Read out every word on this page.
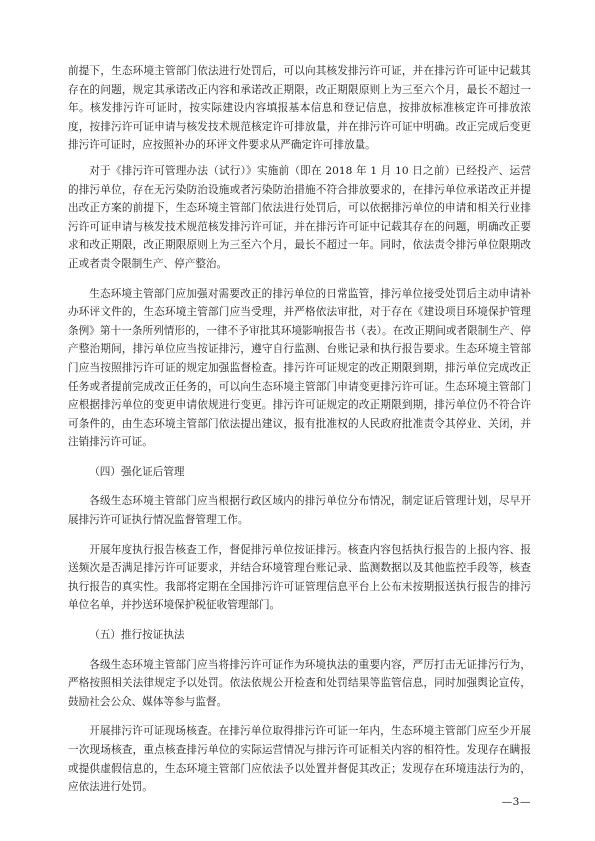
前提下，生态环境主管部门依法进行处罚后，可以向其核发排污许可证，并在排污许可证中记载其存在的问题，规定其承诺改正内容和承诺改正期限，改正期限原则上为三至六个月，最长不超过一年。核发排污许可证时，按实际建设内容填报基本信息和登记信息，按排放标准核定许可排放浓度，按排污许可证申请与核发技术规范核定许可排放量，并在排污许可证中明确。改正完成后变更排污许可证时，应按照补办的环评文件要求从严确定许可排放量。

对于《排污许可管理办法（试行）》实施前（即在 2018 年 1 月 10 日之前）已经投产、运营的排污单位，存在无污染防治设施或者污染防治措施不符合排放要求的，在排污单位承诺改正并提出改正方案的前提下，生态环境主管部门依法进行处罚后，可以依据排污单位的申请和相关行业排污许可证申请与核发技术规范核发排污许可证，并在排污许可证中记载其存在的问题，明确改正要求和改正期限，改正期限原则上为三至六个月，最长不超过一年。同时，依法责令排污单位限期改正或者责令限制生产、停产整治。

生态环境主管部门应加强对需要改正的排污单位的日常监管，排污单位接受处罚后主动申请补办环评文件的，生态环境主管部门应当受理，并严格依法审批，对于存在《建设项目环境保护管理条例》第十一条所列情形的，一律不予审批其环境影响报告书（表）。在改正期间或者限制生产、停产整治期间，排污单位应当按证排污，遵守自行监测、台账记录和执行报告要求。生态环境主管部门应当按照排污许可证的规定加强监督检查。排污许可证规定的改正期限到期，排污单位完成改正任务或者提前完成改正任务的，可以向生态环境主管部门申请变更排污许可证。生态环境主管部门应根据排污单位的变更申请依规进行变更。排污许可证规定的改正期限到期，排污单位仍不符合许可条件的，由生态环境主管部门依法提出建议，报有批准权的人民政府批准责令其停业、关闭，并注销排污许可证。

（四）强化证后管理

各级生态环境主管部门应当根据行政区域内的排污单位分布情况，制定证后管理计划，尽早开展排污许可证执行情况监督管理工作。

开展年度执行报告核查工作，督促排污单位按证排污。核查内容包括执行报告的上报内容、报送频次是否满足排污许可证要求，并结合环境管理台账记录、监测数据以及其他监控手段等，核查执行报告的真实性。我部将定期在全国排污许可证管理信息平台上公布未按期报送执行报告的排污单位名单，并抄送环境保护税征收管理部门。

（五）推行按证执法

各级生态环境主管部门应当将排污许可证作为环境执法的重要内容，严厉打击无证排污行为，严格按照相关法律规定予以处罚。依法依规公开检查和处罚结果等监管信息，同时加强舆论宣传，鼓励社会公众、媒体等参与监督。

开展排污许可证现场核查。在排污单位取得排污许可证一年内，生态环境主管部门应至少开展一次现场核查，重点核查排污单位的实际运营情况与排污许可证相关内容的相符性。发现存在瞒报或提供虚假信息的，生态环境主管部门应依法予以处置并督促其改正；发现存在环境违法行为的，应依法进行处罚。

—3—
